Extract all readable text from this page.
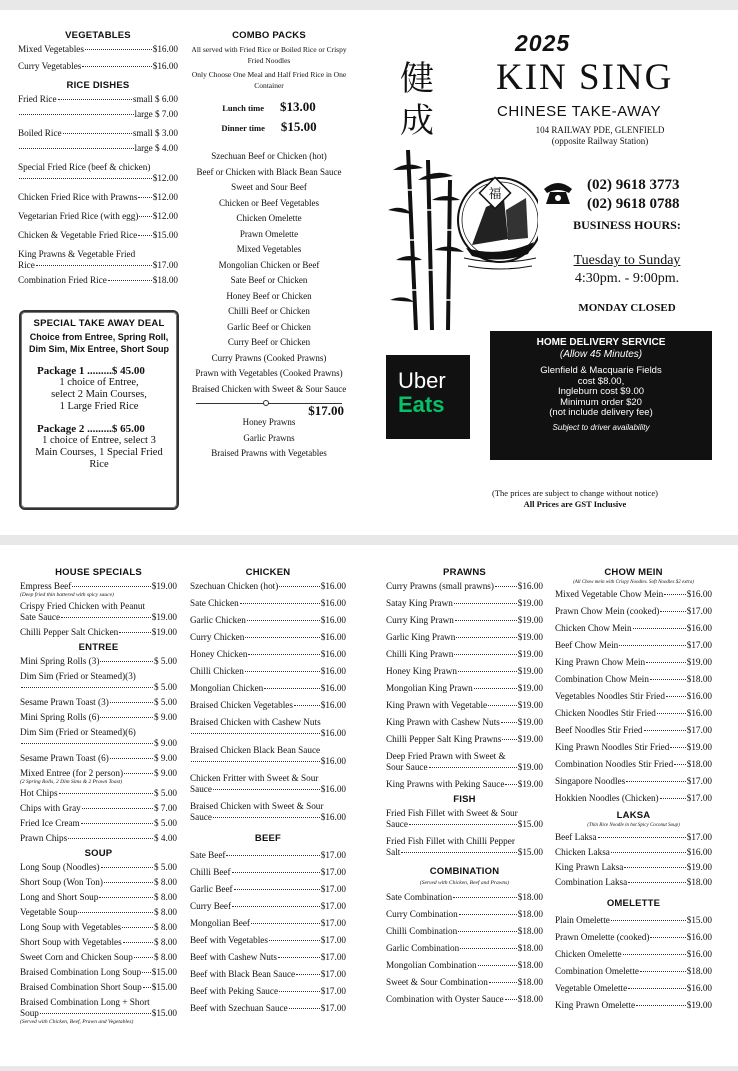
VEGETABLES
Mixed Vegetables	$16.00
Curry Vegetables	$16.00
RICE DISHES
Fried Rice	small $ 6.00
large $ 7.00
Boiled Rice	small $ 3.00
large $ 4.00
Special Fried Rice (beef & chicken)
$12.00
Chicken Fried Rice with Prawns $12.00
Vegetarian Fried Rice (with egg) $12.00
Chicken & Vegetable Fried Rice $15.00
King Prawns & Vegetable Fried
Rice	$17.00
Combination Fried Rice	$18.00
SPECIAL TAKE AWAY DEAL
Choice from Entree, Spring Roll, Dim Sim, Mix Entree, Short Soup
Package 1 .........$ 45.00
1 choice of Entree, select 2 Main Courses, 1 Large Fried Rice
Package 2 .........$ 65.00
1 choice of Entree, select 3 Main Courses, 1 Special Fried Rice
COMBO PACKS
All served with Fried Rice or Boiled Rice or Crispy Fried Noodles
Only Choose One Meal and Half Fried Rice in One Container
Lunch time $13.00
Dinner time $15.00
Szechuan Beef or Chicken (hot)
Beef or Chicken with Black Bean Sauce
Sweet and Sour Beef
Chicken or Beef Vegetables
Chicken Omelette
Prawn Omelette
Mixed Vegetables
Mongolian Chicken or Beef
Sate Beef or Chicken
Honey Beef or Chicken
Chilli Beef or Chicken
Garlic Beef or Chicken
Curry Beef or Chicken
Curry Prawns (Cooked Prawns)
Prawn with Vegetables (Cooked Prawns)
Braised Chicken with Sweet & Sour Sauce
$17.00
Honey Prawns
Garlic Prawns
Braised Prawns with Vegetables
2025
健
成
KIN SING
CHINESE TAKE-AWAY
104 RAILWAY PDE, GLENFIELD
(opposite Railway Station)
福
(02) 9618 3773
(02) 9618 0788
BUSINESS HOURS:
Tuesday to Sunday
4:30pm. - 9:00pm.
MONDAY CLOSED
Uber
Eats
HOME DELIVERY SERVICE
(Allow 45 Minutes)
Glenfield & Macquarie Fields
cost $8.00,
Ingleburn cost $9.00
Minimum order $20
(not include delivery fee)
Subject to driver availability
(The prices are subject to change without notice)
All Prices are GST Inclusive
HOUSE SPECIALS
Empress Beef	$19.00
(Deep fried thin battered with spicy sauce)
Crispy Fried Chicken with Peanut
Sate Sauce	$19.00
Chilli Pepper Salt Chicken	$19.00
ENTREE
Mini Spring Rolls (3)	$ 5.00
Dim Sim (Fried or Steamed)(3)
$ 5.00
Sesame Prawn Toast (3)	$ 5.00
Mini Spring Rolls (6)	$ 9.00
Dim Sim (Fried or Steamed)(6)
$ 9.00
Sesame Prawn Toast (6)	$ 9.00
Mixed Entree (for 2 person)	$ 9.00
(2 Spring Rolls, 2 Dim Sims & 2 Prawn Toast)
Hot Chips	$ 5.00
Chips with Gray	$ 7.00
Fried Ice Cream	$ 5.00
Prawn Chips	$ 4.00
SOUP
Long Soup (Noodles)	$ 5.00
Short Soup (Won Ton)	$ 8.00
Long and Short Soup	$ 8.00
Vegetable Soup	$ 8.00
Long Soup with Vegetables	$ 8.00
Short Soup with Vegetables	$ 8.00
Sweet Corn and Chicken Soup $ 8.00
Braised Combination Long Soup $15.00
Braised Combination Short Soup $15.00
Braised Combination Long + Short
Soup	$15.00
(Served with Chicken, Beef, Prawn and Vegetables)
CHICKEN
Szechuan Chicken (hot)	$16.00
Sate Chicken	$16.00
Garlic Chicken	$16.00
Curry Chicken	$16.00
Honey Chicken	$16.00
Chilli Chicken	$16.00
Mongolian Chicken	$16.00
Braised Chicken Vegetables	$16.00
Braised Chicken with Cashew Nuts
$16.00
Braised Chicken Black Bean Sauce
$16.00
Chicken Fritter with Sweet & Sour
Sauce	$16.00
Braised Chicken with Sweet & Sour
Sauce	$16.00
BEEF
Sate Beef	$17.00
Chilli Beef	$17.00
Garlic Beef	$17.00
Curry Beef	$17.00
Mongolian Beef	$17.00
Beef with Vegetables	$17.00
Beef with Cashew Nuts	$17.00
Beef with Black Bean Sauce	$17.00
Beef with Peking Sauce	$17.00
Beef with Szechuan Sauce	$17.00
PRAWNS
Curry Prawns (small prawns)	$16.00
Satay King Prawn	$19.00
Curry King Prawn	$19.00
Garlic King Prawn	$19.00
Chilli King Prawn	$19.00
Honey King Prawn	$19.00
Mongolian King Prawn	$19.00
King Prawn with Vegetable	$19.00
King Prawn with Cashew Nuts $19.00
Chilli Pepper Salt King Prawns $19.00
Deep Fried Prawn with Sweet &
Sour Sauce	$19.00
King Prawns with Peking Sauce $19.00
FISH
Fried Fish Fillet with Sweet & Sour
Sauce	$15.00
Fried Fish Fillet with Chilli Pepper
Salt	$15.00
COMBINATION
(Served with Chicken, Beef and Prawns)
Sate Combination	$18.00
Curry Combination	$18.00
Chilli Combination	$18.00
Garlic Combination	$18.00
Mongolian Combination	$18.00
Sweet & Sour Combination	$18.00
Combination with Oyster Sauce $18.00
CHOW MEIN
(All Chow mein with Crispy Noodles. Soft Noodles $2 extra)
Mixed Vegetable Chow Mein	$16.00
Prawn Chow Mein (cooked)	$17.00
Chicken Chow Mein	$16.00
Beef Chow Mein	$17.00
King Prawn Chow Mein	$19.00
Combination Chow Mein	$18.00
Vegetables Noodles Stir Fried $16.00
Chicken Noodles Stir Fried	$16.00
Beef Noodles Stir Fried	$17.00
King Prawn Noodles Stir Fried $19.00
Combination Noodles Stir Fried $18.00
Singapore Noodles	$17.00
Hokkien Noodles (Chicken)	$17.00
LAKSA
(Thin Rice Noodle in hot Spicy Coconut Soup)
Beef Laksa	$17.00
Chicken Laksa	$16.00
King Prawn Laksa	$19.00
Combination Laksa	$18.00
OMELETTE
Plain Omelette	$15.00
Prawn Omelette (cooked)	$16.00
Chicken Omelette	$16.00
Combination Omelette	$18.00
Vegetable Omelette	$16.00
King Prawn Omelette	$19.00
